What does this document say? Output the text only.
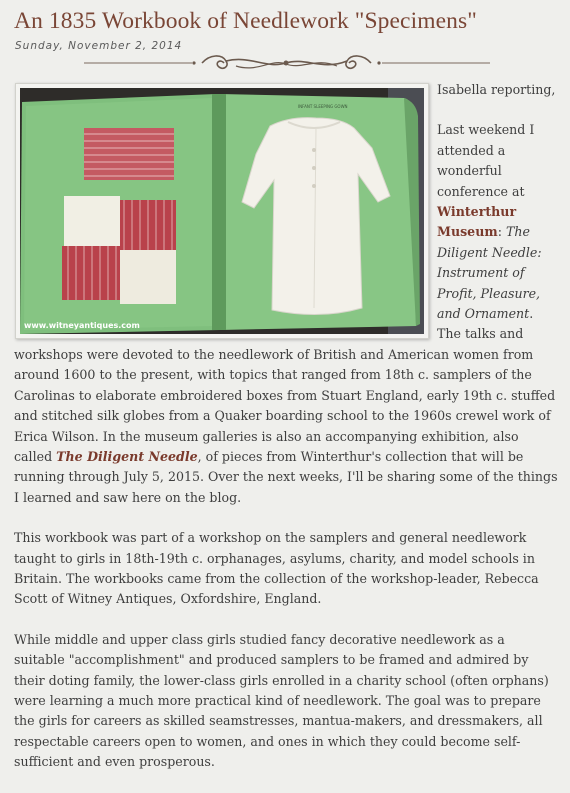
An 1835 Workbook of Needlework "Specimens"
Sunday, November 2, 2014
INFANT SLEEPING GOWN
www.witneyantiques.com

Isabella reporting,

Last weekend I attended a wonderful conference at Winterthur Museum: The Diligent Needle: Instrument of Profit, Pleasure, and Ornament. The talks and workshops were devoted to the needlework of British and American women from around 1600 to the present, with topics that ranged from 18th c. samplers of the Carolinas to elaborate embroidered boxes from Stuart England, early 19th c. stuffed and stitched silk globes from a Quaker boarding school to the 1960s crewel work of Erica Wilson. In the museum galleries is also an accompanying exhibition, also called The Diligent Needle, of pieces from Winterthur's collection that will be running through July 5, 2015. Over the next weeks, I'll be sharing some of the things I learned and saw here on the blog.

This workbook was part of a workshop on the samplers and general needlework taught to girls in 18th-19th c. orphanages, asylums, charity, and model schools in Britain. The workbooks came from the collection of the workshop-leader, Rebecca Scott of Witney Antiques, Oxfordshire, England.

While middle and upper class girls studied fancy decorative needlework as a suitable "accomplishment" and produced samplers to be framed and admired by their doting family, the lower-class girls enrolled in a charity school (often orphans) were learning a much more practical kind of needlework. The goal was to prepare the girls for careers as skilled seamstresses, mantua-makers, and dressmakers, all respectable careers open to women, and ones in which they could become self-sufficient and even prosperous.
